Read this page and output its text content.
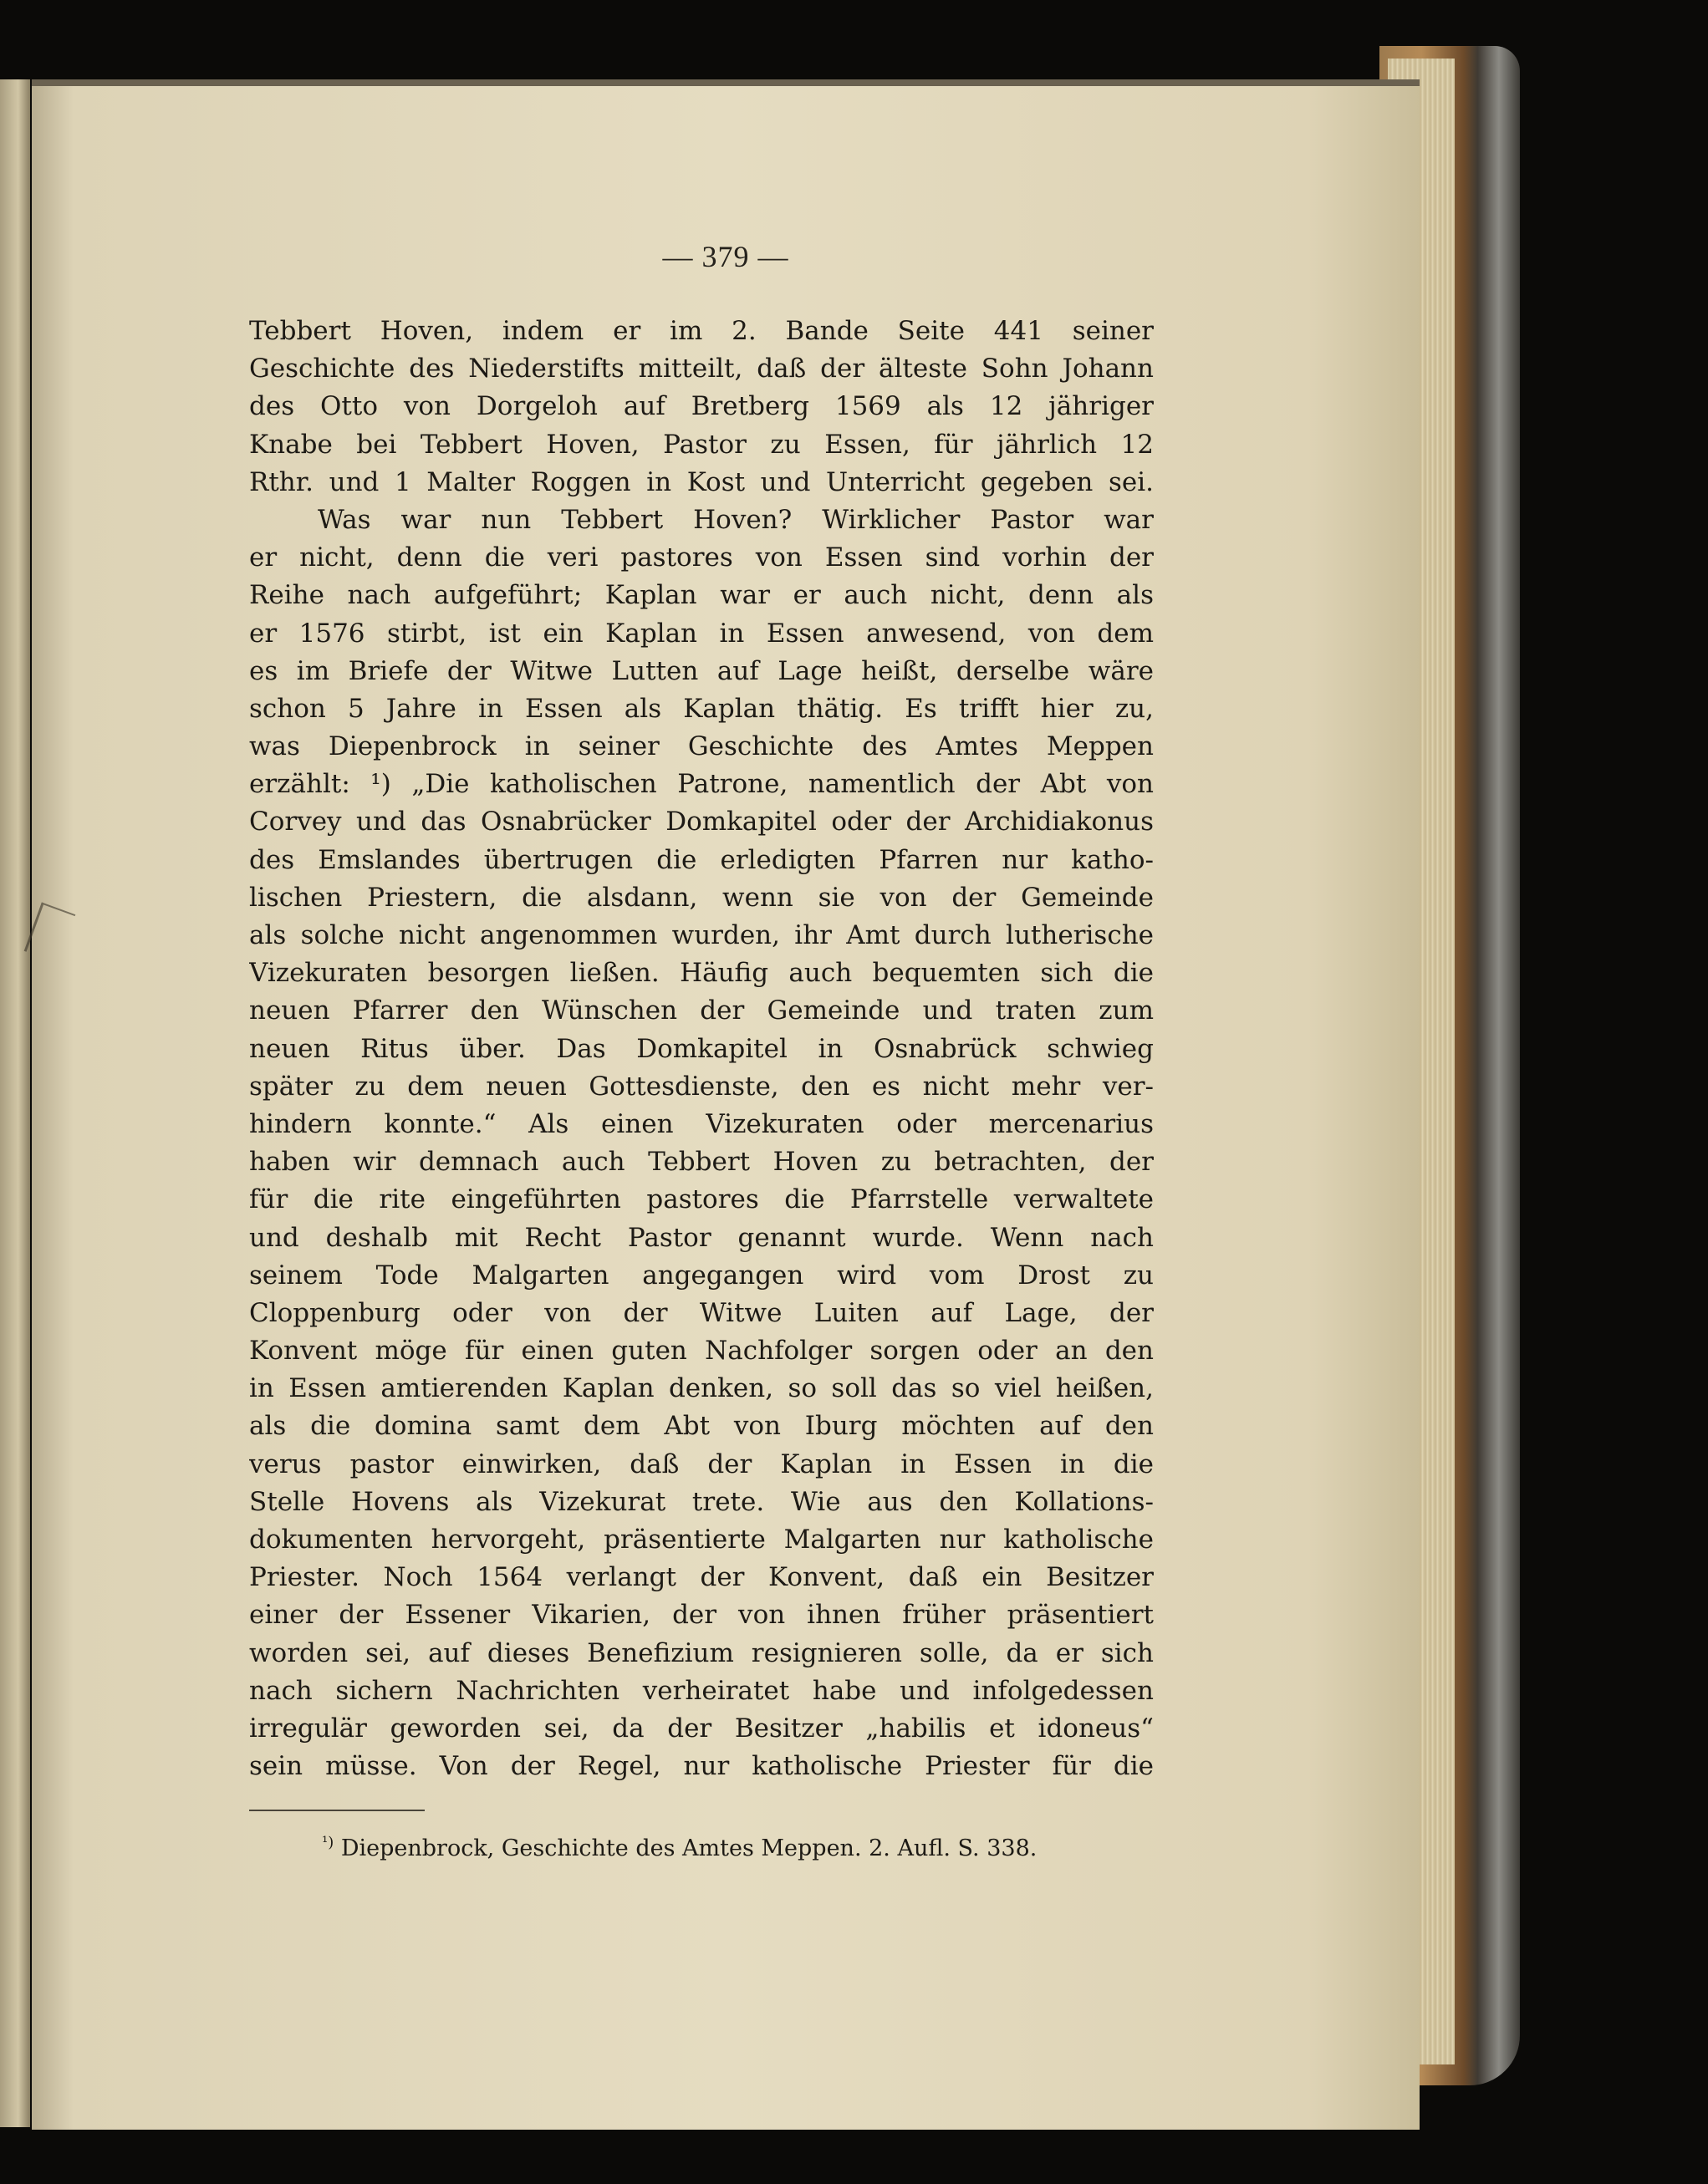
— 379 —
Tebbert Hoven, indem er im 2. Bande Seite 441 seiner
Geschichte des Niederstifts mitteilt, daß der älteste Sohn Johann
des Otto von Dorgeloh auf Bretberg 1569 als 12 jähriger
Knabe bei Tebbert Hoven, Pastor zu Essen, für jährlich 12
Rthr. und 1 Malter Roggen in Kost und Unterricht gegeben sei.
Was war nun Tebbert Hoven? Wirklicher Pastor war
er nicht, denn die veri pastores von Essen sind vorhin der
Reihe nach aufgeführt; Kaplan war er auch nicht, denn als
er 1576 stirbt, ist ein Kaplan in Essen anwesend, von dem
es im Briefe der Witwe Lutten auf Lage heißt, derselbe wäre
schon 5 Jahre in Essen als Kaplan thätig. Es trifft hier zu,
was Diepenbrock in seiner Geschichte des Amtes Meppen
erzählt: ¹) „Die katholischen Patrone, namentlich der Abt von
Corvey und das Osnabrücker Domkapitel oder der Archidiakonus
des Emslandes übertrugen die erledigten Pfarren nur katho-
lischen Priestern, die alsdann, wenn sie von der Gemeinde
als solche nicht angenommen wurden, ihr Amt durch lutherische
Vizekuraten besorgen ließen. Häufig auch bequemten sich die
neuen Pfarrer den Wünschen der Gemeinde und traten zum
neuen Ritus über. Das Domkapitel in Osnabrück schwieg
später zu dem neuen Gottesdienste, den es nicht mehr ver-
hindern konnte.“ Als einen Vizekuraten oder mercenarius
haben wir demnach auch Tebbert Hoven zu betrachten, der
für die rite eingeführten pastores die Pfarrstelle verwaltete
und deshalb mit Recht Pastor genannt wurde. Wenn nach
seinem Tode Malgarten angegangen wird vom Drost zu
Cloppenburg oder von der Witwe Luiten auf Lage, der
Konvent möge für einen guten Nachfolger sorgen oder an den
in Essen amtierenden Kaplan denken, so soll das so viel heißen,
als die domina samt dem Abt von Iburg möchten auf den
verus pastor einwirken, daß der Kaplan in Essen in die
Stelle Hovens als Vizekurat trete. Wie aus den Kollations-
dokumenten hervorgeht, präsentierte Malgarten nur katholische
Priester. Noch 1564 verlangt der Konvent, daß ein Besitzer
einer der Essener Vikarien, der von ihnen früher präsentiert
worden sei, auf dieses Benefizium resignieren solle, da er sich
nach sichern Nachrichten verheiratet habe und infolgedessen
irregulär geworden sei, da der Besitzer „habilis et idoneus“
sein müsse. Von der Regel, nur katholische Priester für die
$^{^1)}$ Diepenbrock, Geschichte des Amtes Meppen. 2. Aufl. S. 338.
